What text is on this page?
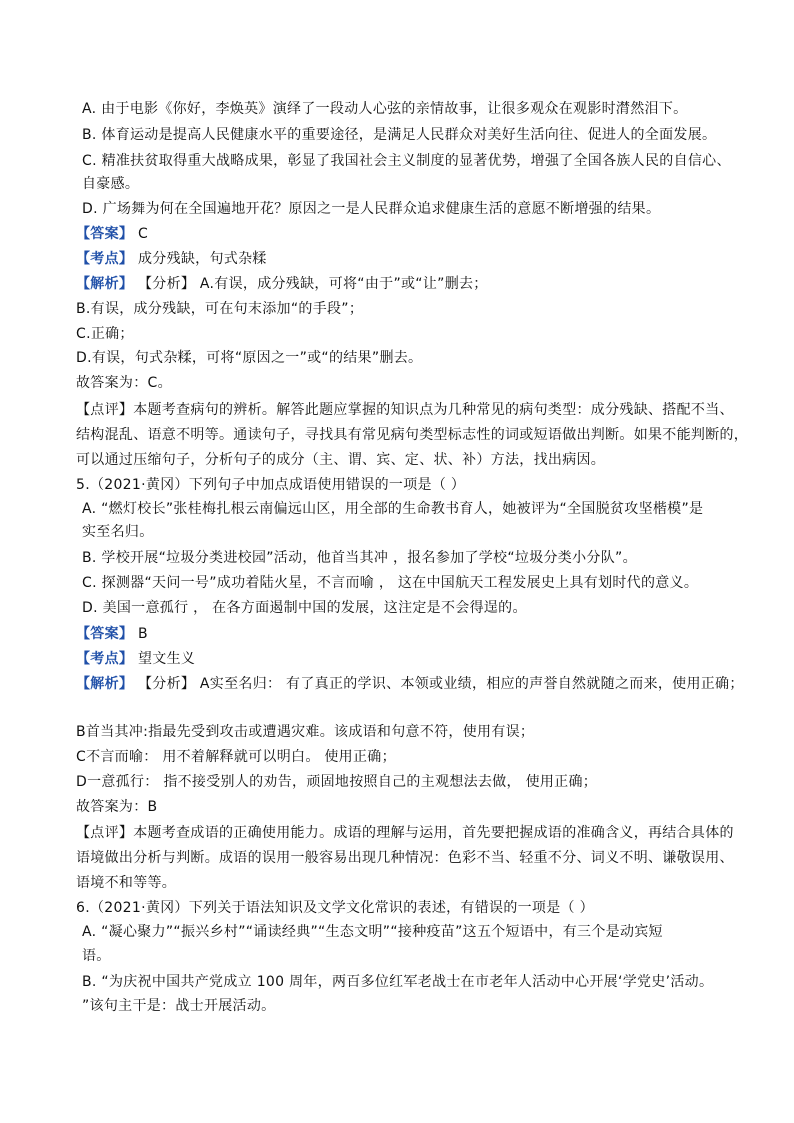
A. 由于电影《你好，李焕英》演绎了一段动人心弦的亲情故事，让很多观众在观影时潸然泪下。
B. 体育运动是提高人民健康水平的重要途径，是满足人民群众对美好生活向往、促进人的全面发展。
C. 精准扶贫取得重大战略成果，彰显了我国社会主义制度的显著优势，增强了全国各族人民的自信心、
自豪感。
D. 广场舞为何在全国遍地开花？原因之一是人民群众追求健康生活的意愿不断增强的结果。
【答案】 C
【考点】 成分残缺，句式杂糅
【解析】 【分析】 A.有误，成分残缺，可将“由于”或“让”删去；
B.有误，成分残缺，可在句末添加“的手段”；
C.正确；
D.有误，句式杂糅，可将“原因之一”或“的结果”删去。
故答案为：C。
【点评】本题考查病句的辨析。解答此题应掌握的知识点为几种常见的病句类型：成分残缺、搭配不当、
结构混乱、语意不明等。通读句子，寻找具有常见病句类型标志性的词或短语做出判断。如果不能判断的，
可以通过压缩句子，分析句子的成分（主、谓、宾、定、状、补）方法，找出病因。
5.（2021·黄冈）下列句子中加点成语使用错误的一项是（ ）
A. “燃灯校长”张桂梅扎根云南偏远山区，用全部的生命教书育人，她被评为“全国脱贫攻坚楷模”是
实至名归。
B. 学校开展“垃圾分类进校园”活动，他首当其冲 ，报名参加了学校“垃圾分类小分队”。
C. 探测器“天问一号”成功着陆火星，不言而喻 ， 这在中国航天工程发展史上具有划时代的意义。
D. 美国一意孤行 ， 在各方面遏制中国的发展，这注定是不会得逞的。
【答案】 B
【考点】 望文生义
【解析】 【分析】 A实至名归： 有了真正的学识、本领或业绩，相应的声誉自然就随之而来，使用正确；
B首当其冲:指最先受到攻击或遭遇灾难。该成语和句意不符，使用有误；
C不言而喻： 用不着解释就可以明白。 使用正确；
D一意孤行： 指不接受别人的劝告，顽固地按照自己的主观想法去做， 使用正确；
故答案为：B
【点评】本题考查成语的正确使用能力。成语的理解与运用，首先要把握成语的准确含义，再结合具体的
语境做出分析与判断。成语的误用一般容易出现几种情况：色彩不当、轻重不分、词义不明、谦敬误用、
语境不和等等。
6.（2021·黄冈）下列关于语法知识及文学文化常识的表述，有错误的一项是（ ）
A. “凝心聚力”“振兴乡村”“诵读经典”“生态文明”“接种疫苗”这五个短语中，有三个是动宾短
语。
B. “为庆祝中国共产党成立 100 周年，两百多位红军老战士在市老年人活动中心开展‘学党史’活动。
”该句主干是：战士开展活动。
